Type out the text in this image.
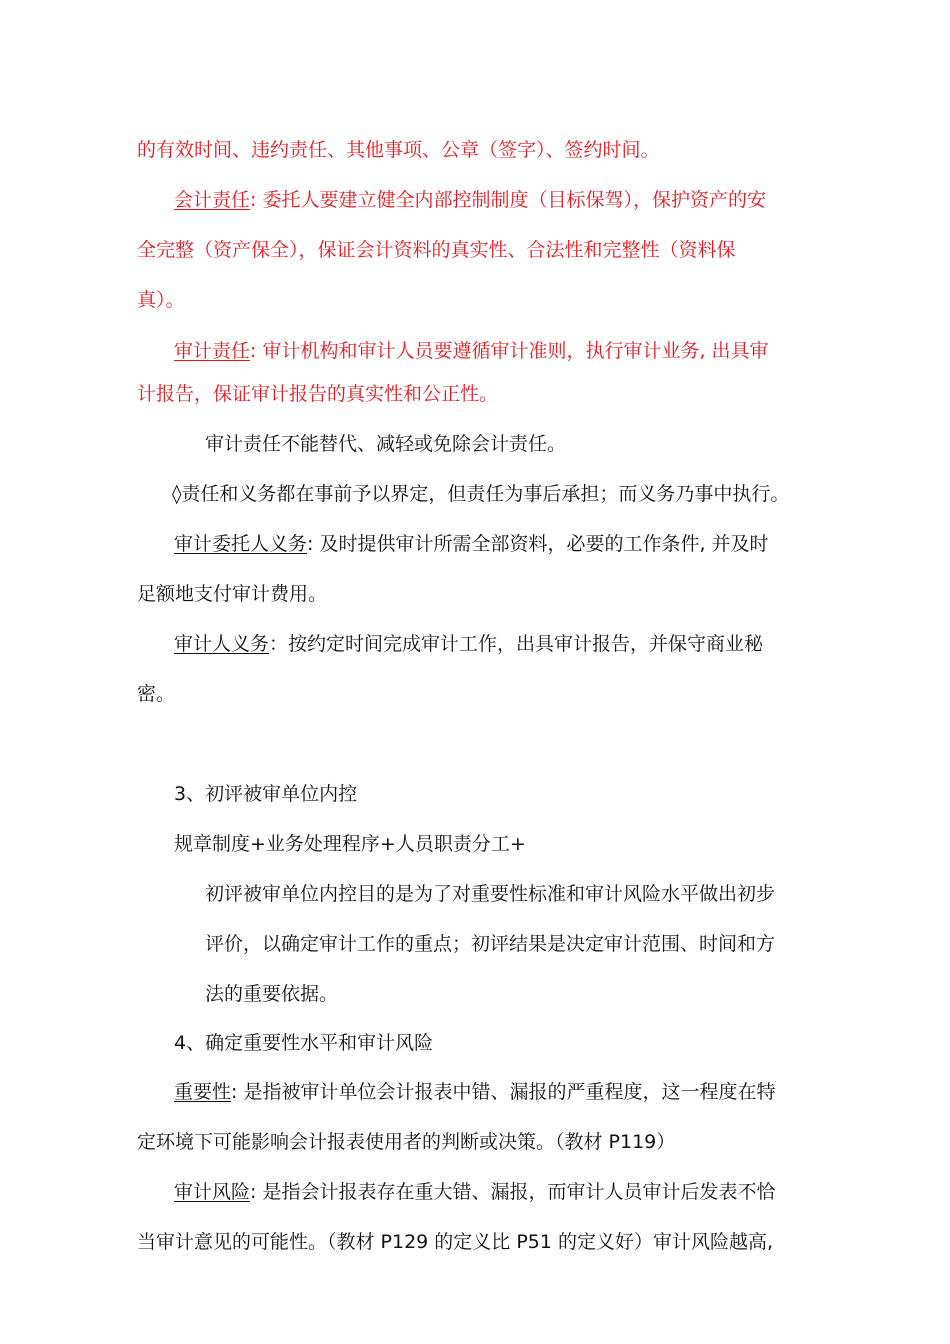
的有效时间、违约责任、其他事项、公章（签字）、签约时间。
会计责任: 委托人要建立健全内部控制制度（目标保驾），保护资产的安
全完整（资产保全），保证会计资料的真实性、合法性和完整性（资料保
真）。
审计责任: 审计机构和审计人员要遵循审计准则，执行审计业务, 出具审
计报告，保证审计报告的真实性和公正性。
审计责任不能替代、减轻或免除会计责任。
◊责任和义务都在事前予以界定，但责任为事后承担；而义务乃事中执行。
审计委托人义务: 及时提供审计所需全部资料，必要的工作条件, 并及时
足额地支付审计费用。
审计人义务：按约定时间完成审计工作，出具审计报告，并保守商业秘
密。
3、初评被审单位内控
规章制度+业务处理程序+人员职责分工+
初评被审单位内控目的是为了对重要性标准和审计风险水平做出初步
评价，以确定审计工作的重点；初评结果是决定审计范围、时间和方
法的重要依据。
4、确定重要性水平和审计风险
重要性: 是指被审计单位会计报表中错、漏报的严重程度，这一程度在特
定环境下可能影响会计报表使用者的判断或决策。（教材 P119）
审计风险: 是指会计报表存在重大错、漏报，而审计人员审计后发表不恰
当审计意见的可能性。（教材 P129 的定义比 P51 的定义好）审计风险越高,
